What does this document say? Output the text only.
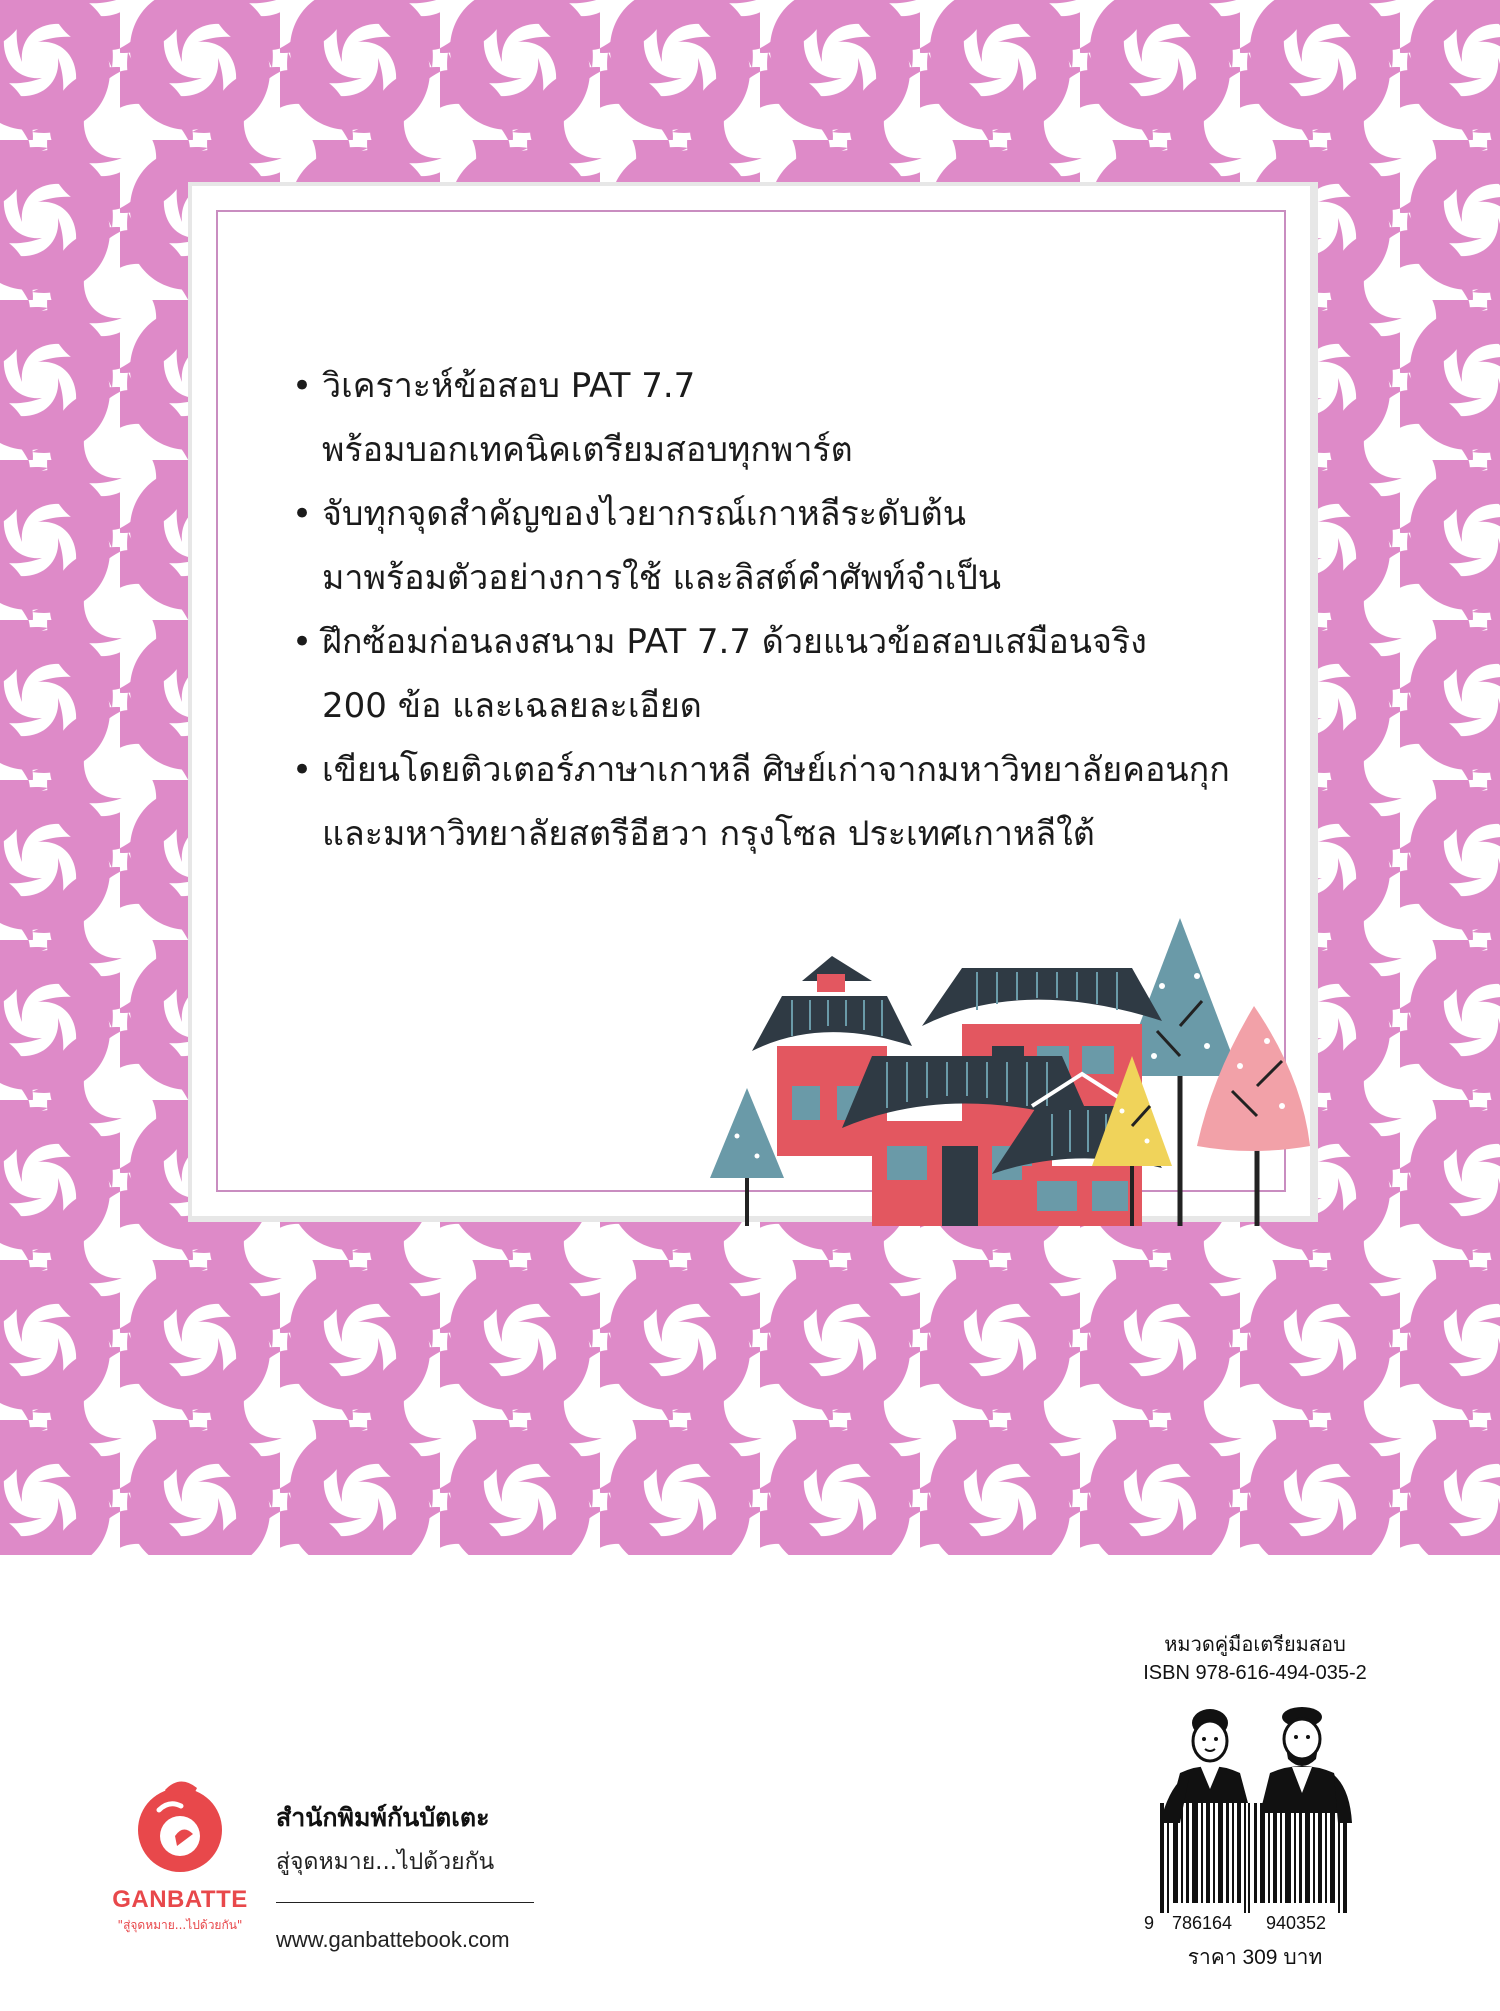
• วิเคราะห์ข้อสอบ PAT 7.7
พร้อมบอกเทคนิคเตรียมสอบทุกพาร์ต
• จับทุกจุดสำคัญของไวยากรณ์เกาหลีระดับต้น
มาพร้อมตัวอย่างการใช้ และลิสต์คำศัพท์จำเป็น
• ฝึกซ้อมก่อนลงสนาม PAT 7.7 ด้วยแนวข้อสอบเสมือนจริง
200 ข้อ และเฉลยละเอียด
• เขียนโดยติวเตอร์ภาษาเกาหลี ศิษย์เก่าจากมหาวิทยาลัยคอนกุก
และมหาวิทยาลัยสตรีอีฮวา กรุงโซล ประเทศเกาหลีใต้
GANBATTE
"สู่จุดหมาย...ไปด้วยกัน"
สำนักพิมพ์กันบัตเตะ
สู่จุดหมาย...ไปด้วยกัน
www.ganbattebook.com
หมวดคู่มือเตรียมสอบ
ISBN 978-616-494-035-2
9 786164 940352
ราคา 309 บาท
